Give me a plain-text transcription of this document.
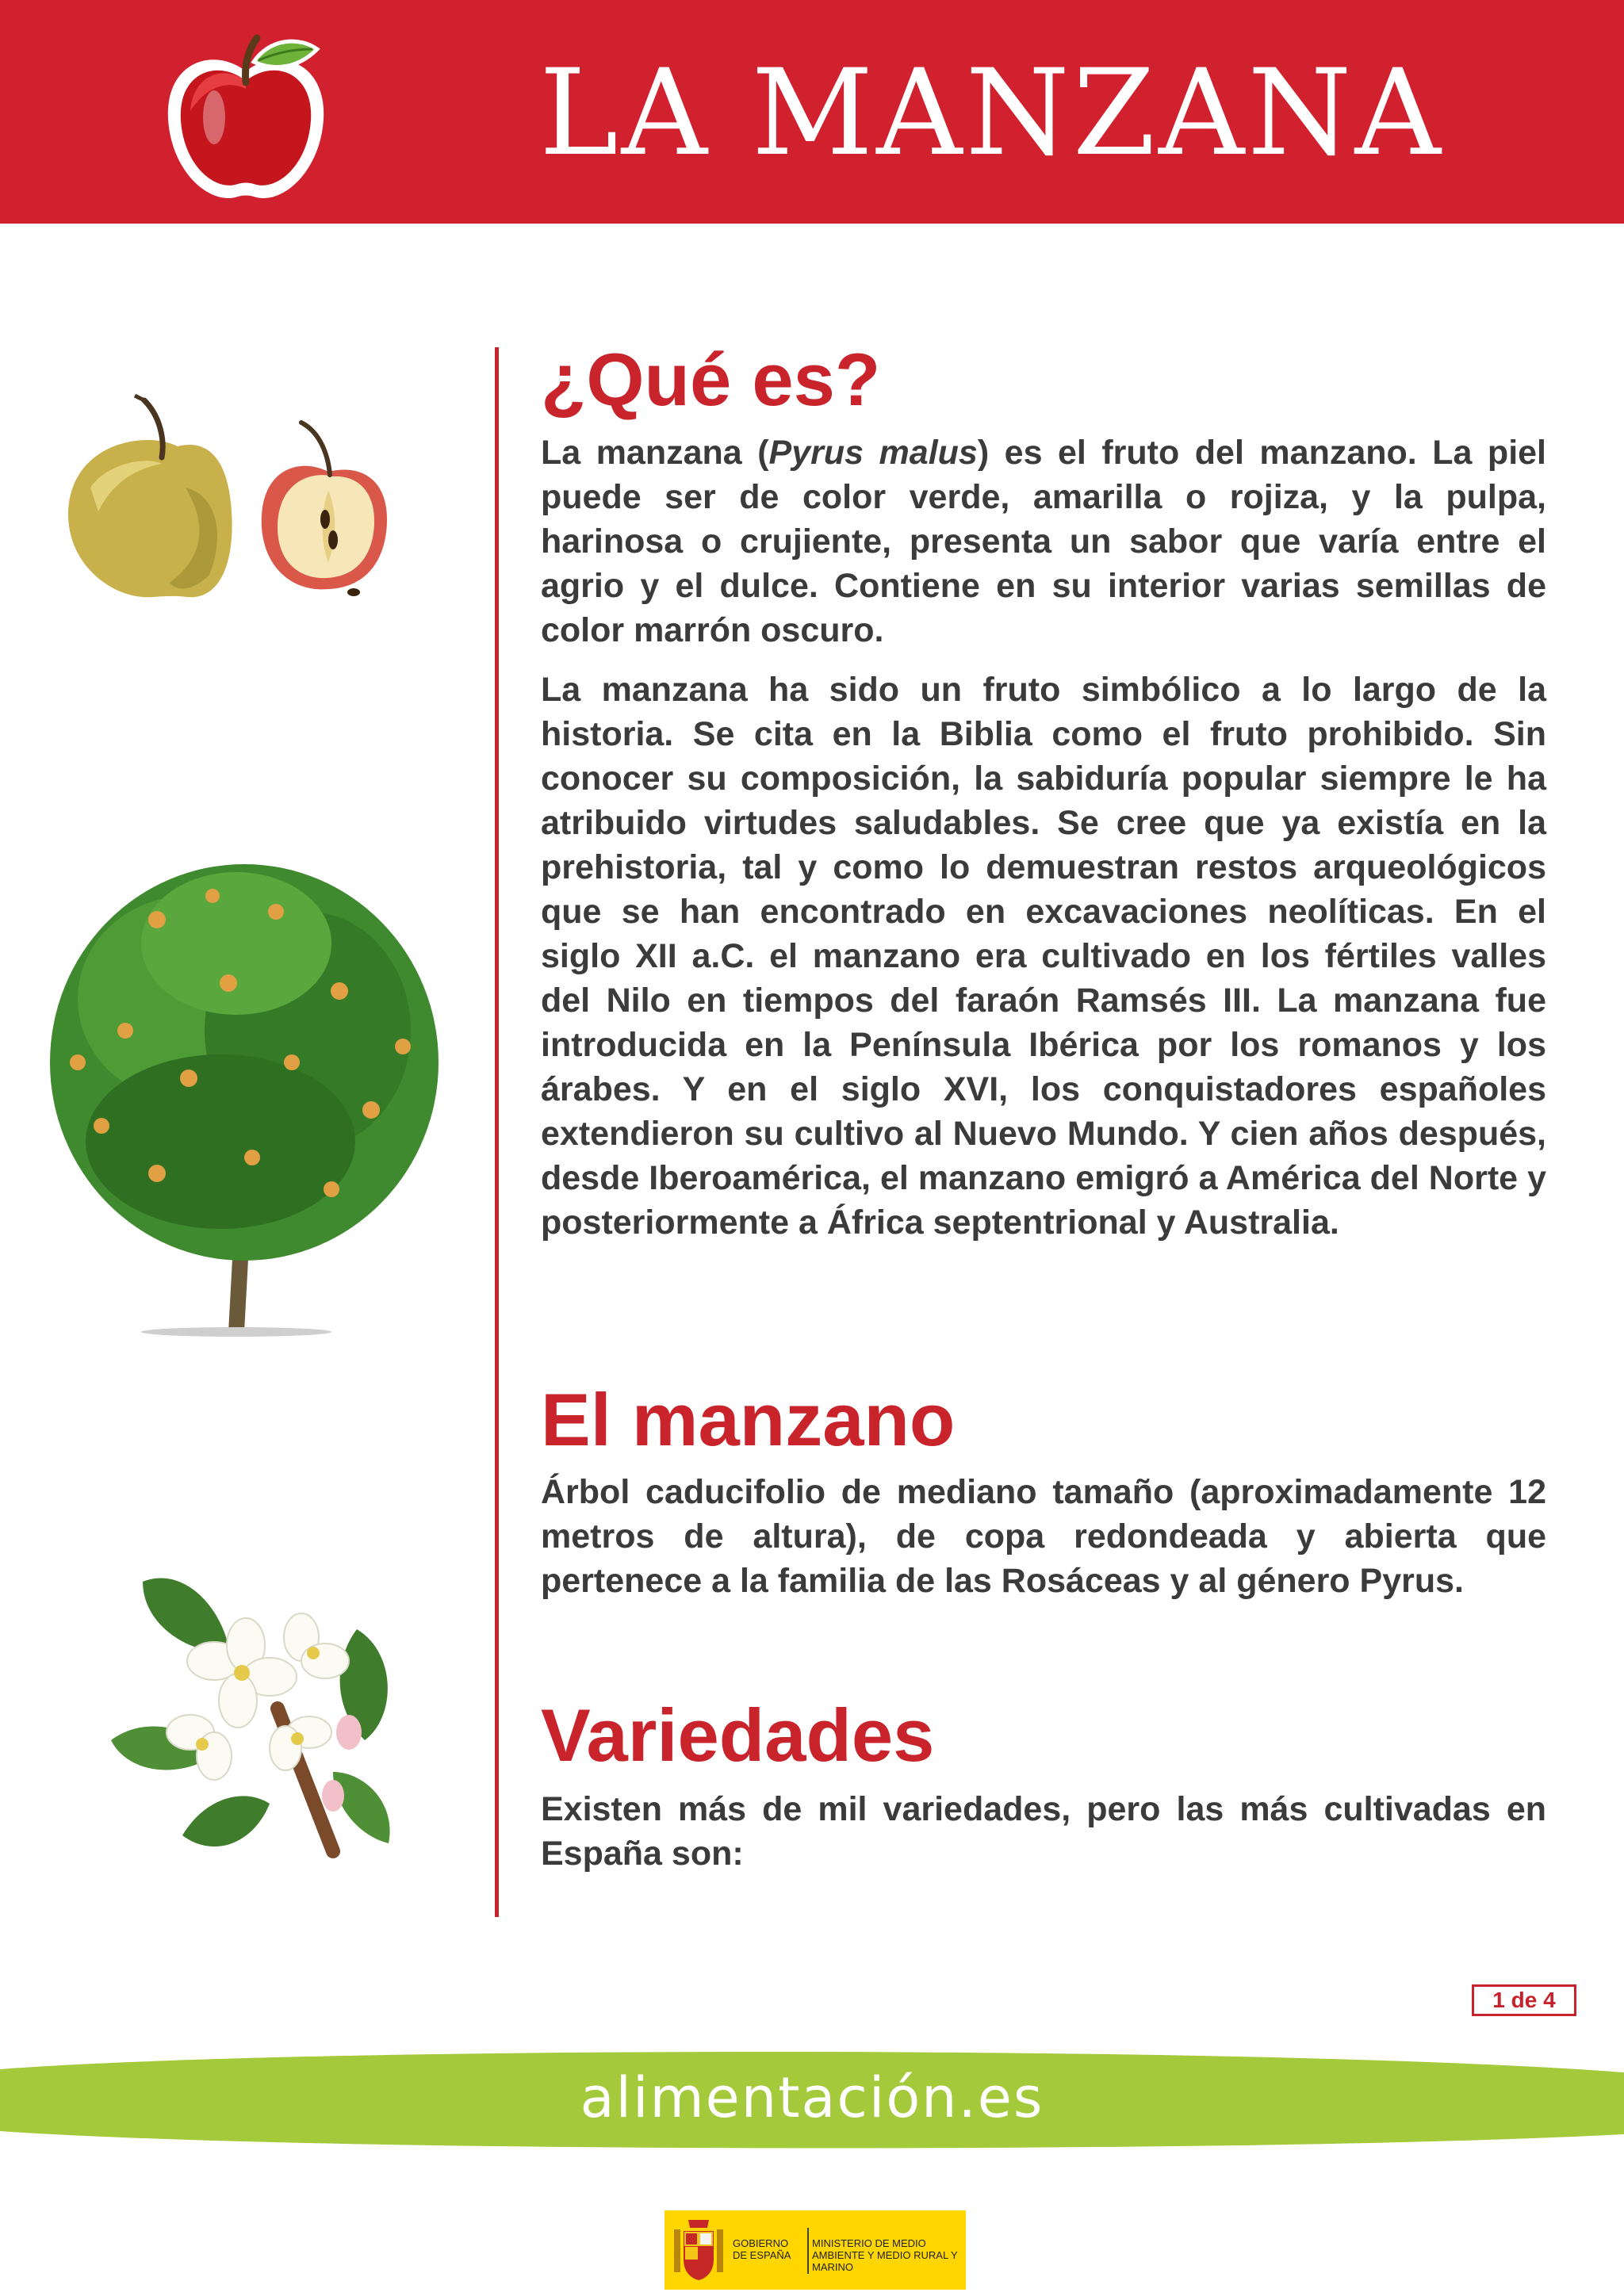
LA MANZANA
¿Qué es?

La manzana (Pyrus malus) es el fruto del manzano. La piel puede ser de color verde, amarilla o rojiza, y la pulpa, harinosa o crujiente, presenta un sabor que varía entre el agrio y el dulce. Contiene en su interior varias semillas de color marrón oscuro.

La manzana ha sido un fruto simbólico a lo largo de la historia. Se cita en la Biblia como el fruto prohibido. Sin conocer su composición, la sabiduría popular siempre le ha atribuido virtudes saludables. Se cree que ya existía en la prehistoria, tal y como lo demuestran restos arqueológicos que se han encontrado en excavaciones neolíticas. En el siglo XII a.C. el manzano era cultivado en los fértiles valles del Nilo en tiempos del faraón Ramsés III. La manzana fue introducida en la Península Ibérica por los romanos y los árabes. Y en el siglo XVI, los conquistadores españoles extendieron su cultivo al Nuevo Mundo. Y cien años después, desde Iberoamérica, el manzano emigró a América del Norte y posteriormente a África septentrional y Australia.

El manzano

Árbol caducifolio de mediano tamaño (aproximadamente 12 metros de altura), de copa redondeada y abierta que pertenece a la familia de las Rosáceas y al género Pyrus.

Variedades

Existen más de mil variedades, pero las más cultivadas en España son:

1 de 4
alimentación.es
GOBIERNO DE ESPAÑA
MINISTERIO DE MEDIO AMBIENTE Y MEDIO RURAL Y MARINO
